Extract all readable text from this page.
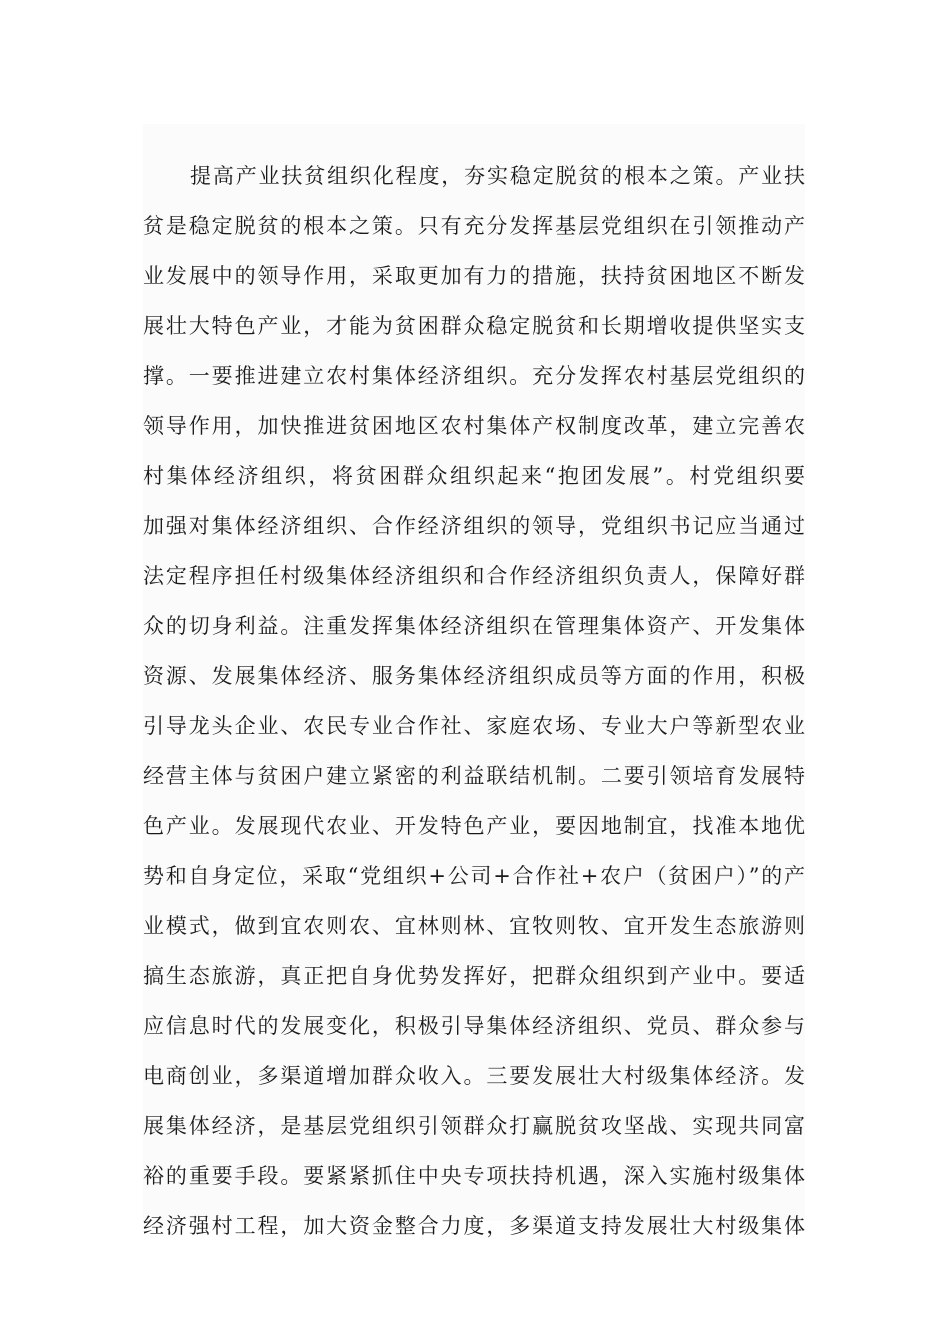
提高产业扶贫组织化程度，夯实稳定脱贫的根本之策。产业扶
贫是稳定脱贫的根本之策。只有充分发挥基层党组织在引领推动产
业发展中的领导作用，采取更加有力的措施，扶持贫困地区不断发
展壮大特色产业，才能为贫困群众稳定脱贫和长期增收提供坚实支
撑。一要推进建立农村集体经济组织。充分发挥农村基层党组织的
领导作用，加快推进贫困地区农村集体产权制度改革，建立完善农
村集体经济组织，将贫困群众组织起来“抱团发展”。村党组织要
加强对集体经济组织、合作经济组织的领导，党组织书记应当通过
法定程序担任村级集体经济组织和合作经济组织负责人，保障好群
众的切身利益。注重发挥集体经济组织在管理集体资产、开发集体
资源、发展集体经济、服务集体经济组织成员等方面的作用，积极
引导龙头企业、农民专业合作社、家庭农场、专业大户等新型农业
经营主体与贫困户建立紧密的利益联结机制。二要引领培育发展特
色产业。发展现代农业、开发特色产业，要因地制宜，找准本地优
势和自身定位，采取“党组织+公司+合作社+农户（贫困户）”的产
业模式，做到宜农则农、宜林则林、宜牧则牧、宜开发生态旅游则
搞生态旅游，真正把自身优势发挥好，把群众组织到产业中。要适
应信息时代的发展变化，积极引导集体经济组织、党员、群众参与
电商创业，多渠道增加群众收入。三要发展壮大村级集体经济。发
展集体经济，是基层党组织引领群众打赢脱贫攻坚战、实现共同富
裕的重要手段。要紧紧抓住中央专项扶持机遇，深入实施村级集体
经济强村工程，加大资金整合力度，多渠道支持发展壮大村级集体
